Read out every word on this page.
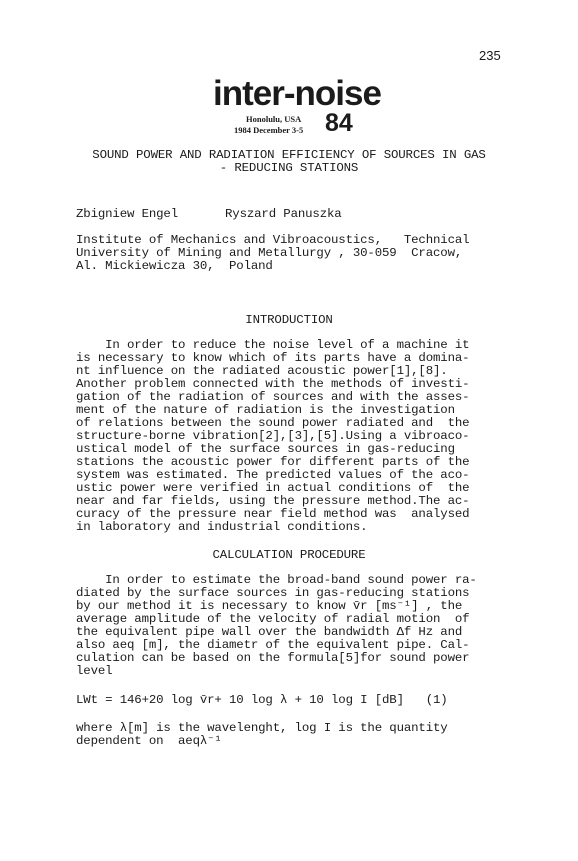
235
inter-noise
Honolulu, USA
1984 December 3-5 84
SOUND POWER AND RADIATION EFFICIENCY OF SOURCES IN GAS
- REDUCING STATIONS
Zbigniew Engel	Ryszard Panuszka
Institute of Mechanics and Vibroacoustics,   Technical
University of Mining and Metallurgy , 30-059  Cracow,
Al. Mickiewicza 30,  Poland
INTRODUCTION
In order to reduce the noise level of a machine it
is necessary to know which of its parts have a domina-
nt influence on the radiated acoustic power[1],[8].
Another problem connected with the methods of investi-
gation of the radiation of sources and with the asses-
ment of the nature of radiation is the investigation
of relations between the sound power radiated and  the
structure-borne vibration[2],[3],[5].Using a vibroaco-
ustical model of the surface sources in gas-reducing
stations the acoustic power for different parts of the
system was estimated. The predicted values of the aco-
ustic power were verified in actual conditions of  the
near and far fields, using the pressure method.The ac-
curacy of the pressure near field method was  analysed
in laboratory and industrial conditions.
CALCULATION PROCEDURE
In order to estimate the broad-band sound power ra-
diated by the surface sources in gas-reducing stations
by our method it is necessary to know v̄r [ms⁻¹] , the
average amplitude of the velocity of radial motion  of
the equivalent pipe wall over the bandwidth Δf Hz and
also aeq [m], the diametr of the equivalent pipe. Cal-
culation can be based on the formula[5]for sound power
level
LWt = 146+20 log v̄r+ 10 log λ + 10 log I [dB]   (1)
where λ[m] is the wavelenght, log I is the quantity
dependent on  aeqλ⁻¹
